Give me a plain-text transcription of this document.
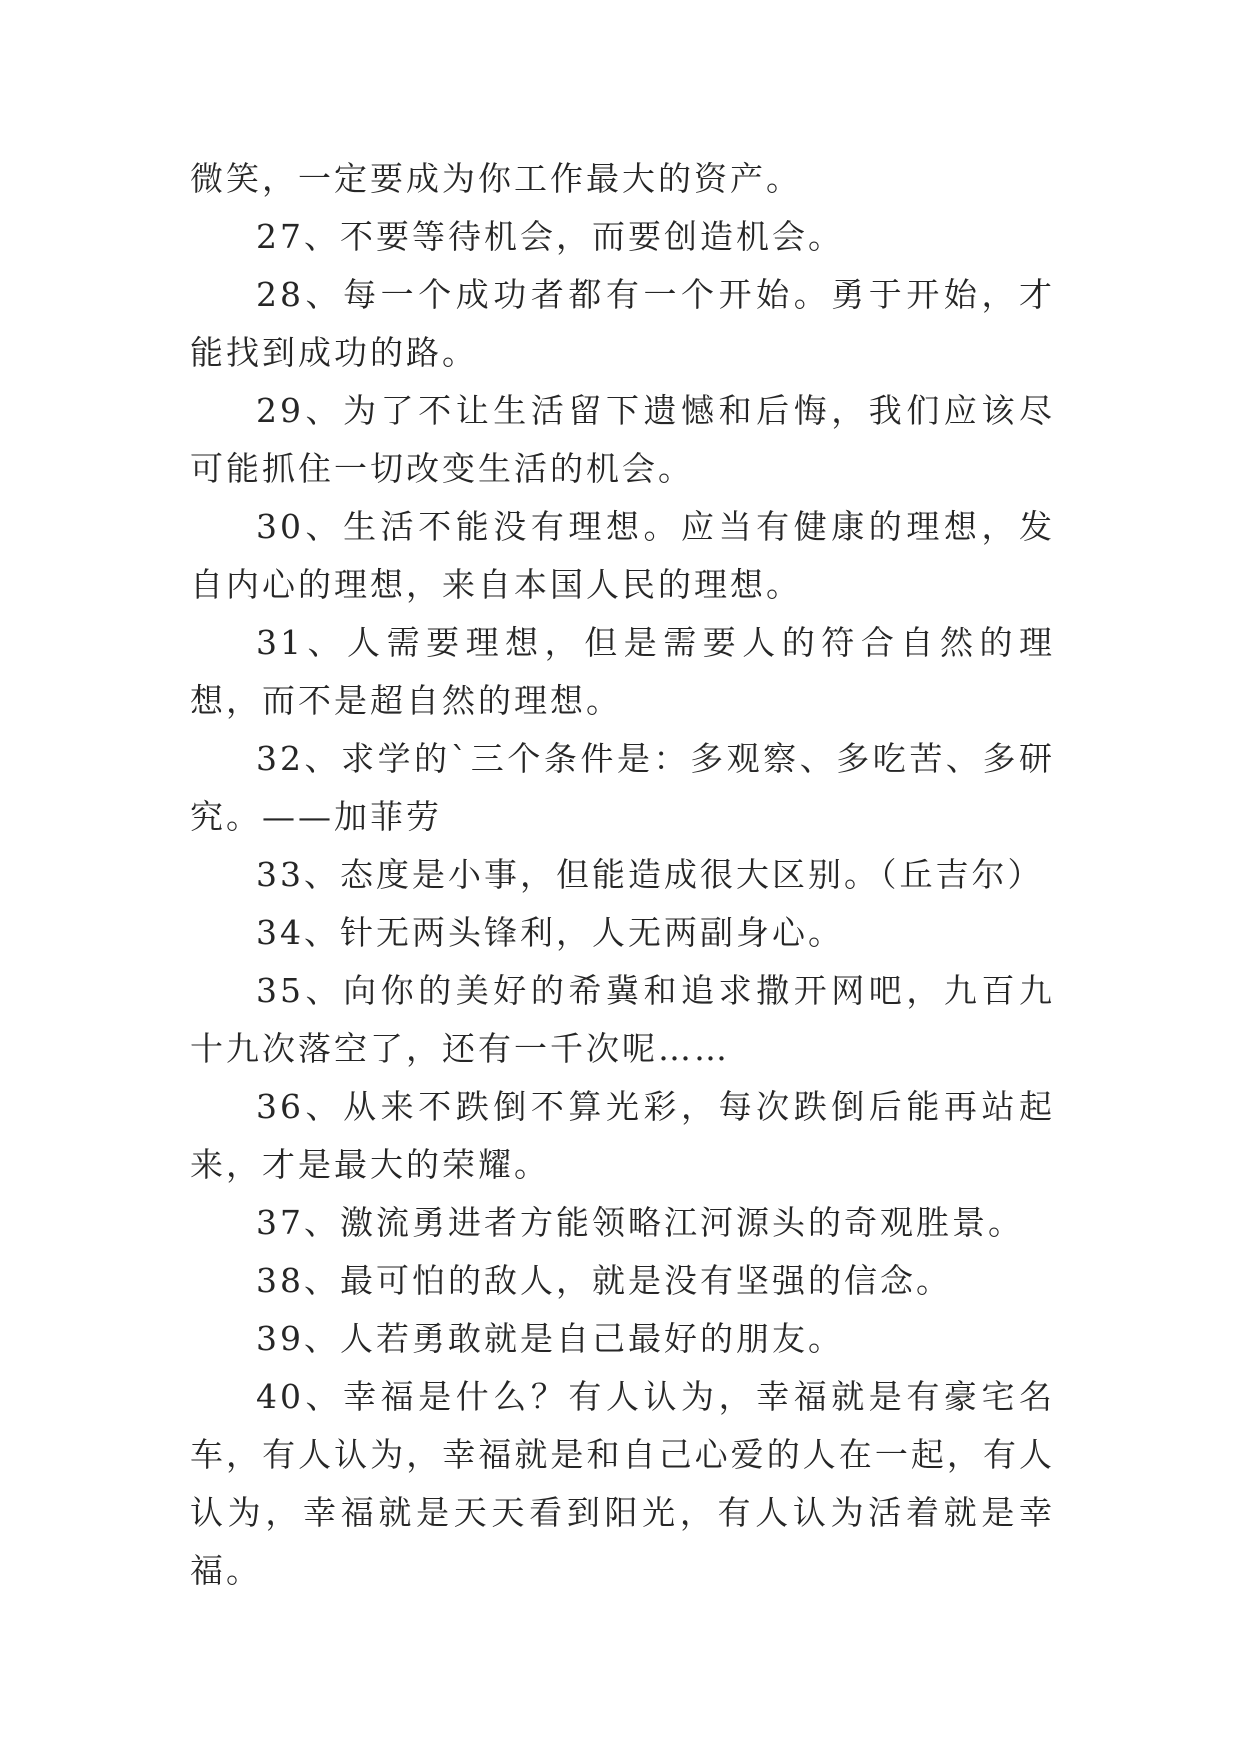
微笑，一定要成为你工作最大的资产。

27、不要等待机会，而要创造机会。

28、每一个成功者都有一个开始。勇于开始，才能找到成功的路。

29、为了不让生活留下遗憾和后悔，我们应该尽可能抓住一切改变生活的机会。

30、生活不能没有理想。应当有健康的理想，发自内心的理想，来自本国人民的理想。

31、人需要理想，但是需要人的符合自然的理想，而不是超自然的理想。

32、求学的`三个条件是：多观察、多吃苦、多研究。——加菲劳

33、态度是小事，但能造成很大区别。（丘吉尔）

34、针无两头锋利，人无两副身心。

35、向你的美好的希冀和追求撒开网吧，九百九十九次落空了，还有一千次呢……

36、从来不跌倒不算光彩，每次跌倒后能再站起来，才是最大的荣耀。

37、激流勇进者方能领略江河源头的奇观胜景。

38、最可怕的敌人，就是没有坚强的信念。

39、人若勇敢就是自己最好的朋友。

40、幸福是什么？有人认为，幸福就是有豪宅名车，有人认为，幸福就是和自己心爱的人在一起，有人认为，幸福就是天天看到阳光，有人认为活着就是幸福。
